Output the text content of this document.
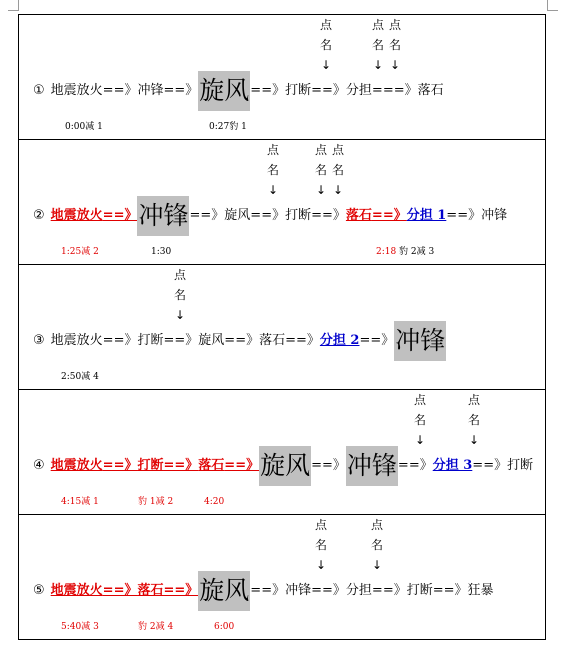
点
名
↓
点
名
↓
点
名
↓
① 地震放火 ==》 冲锋 ==》 旋风 ==》 打断 ==》 分担 ===》 落石
0:00减 1	0:27豹 1
点
名
↓
点
名
↓
点
名
↓
② 地震放火 ==》 冲锋 ==》 旋风 ==》 打断 ==》 落石 ==》 分担 1 ==》 冲锋
1:25减 2	1:30	2:18 豹 2减 3
点
名
↓
③ 地震放火 ==》 打断 ==》 旋风 ==》 落石 ==》 分担 2 ==》 冲锋
2:50减 4
点
名
↓
点
名
↓
④ 地震放火 ==》 打断 ==》 落石 ==》 旋风 ==》 冲锋 ==》 分担 3 ==》 打断
4:15减 1	豹 1减 2	4:20
点
名
↓
点
名
↓
⑤ 地震放火 ==》 落石 ==》 旋风 ==》 冲锋 ==》 分担 ==》 打断 ==》 狂暴
5:40减 3	豹 2减 4	6:00
